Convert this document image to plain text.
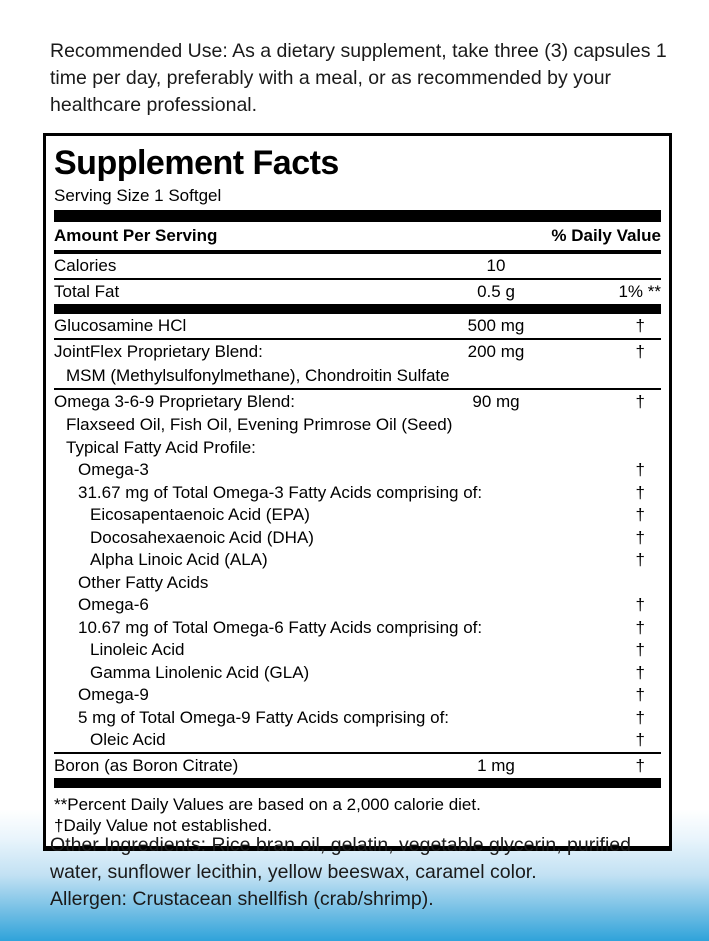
Recommended Use: As a dietary supplement, take three (3) capsules 1 time per day, preferably with a meal, or as recommended by your healthcare professional.
Supplement Facts
Serving Size 1 Softgel
Amount Per Serving	% Daily Value
Calories	10
Total Fat	0.5 g	1% **
Glucosamine HCl	500 mg	†
JointFlex Proprietary Blend:	200 mg	†
MSM (Methylsulfonylmethane), Chondroitin Sulfate
Omega 3-6-9 Proprietary Blend:	90 mg	†
Flaxseed Oil, Fish Oil, Evening Primrose Oil (Seed)
Typical Fatty Acid Profile:
Omega-3	†
31.67 mg of Total Omega-3 Fatty Acids comprising of:	†
Eicosapentaenoic Acid (EPA)	†
Docosahexaenoic Acid (DHA)	†
Alpha Linoic Acid (ALA)	†
Other Fatty Acids
Omega-6	†
10.67 mg of Total Omega-6 Fatty Acids comprising of:	†
Linoleic Acid	†
Gamma Linolenic Acid (GLA)	†
Omega-9	†
5 mg of Total Omega-9 Fatty Acids comprising of:	†
Oleic Acid	†
Boron (as Boron Citrate)	1 mg	†
**Percent Daily Values are based on a 2,000 calorie diet.
†Daily Value not established.
Other Ingredients: Rice bran oil, gelatin, vegetable glycerin, purified water, sunflower lecithin, yellow beeswax, caramel color.
Allergen: Crustacean shellfish (crab/shrimp).
